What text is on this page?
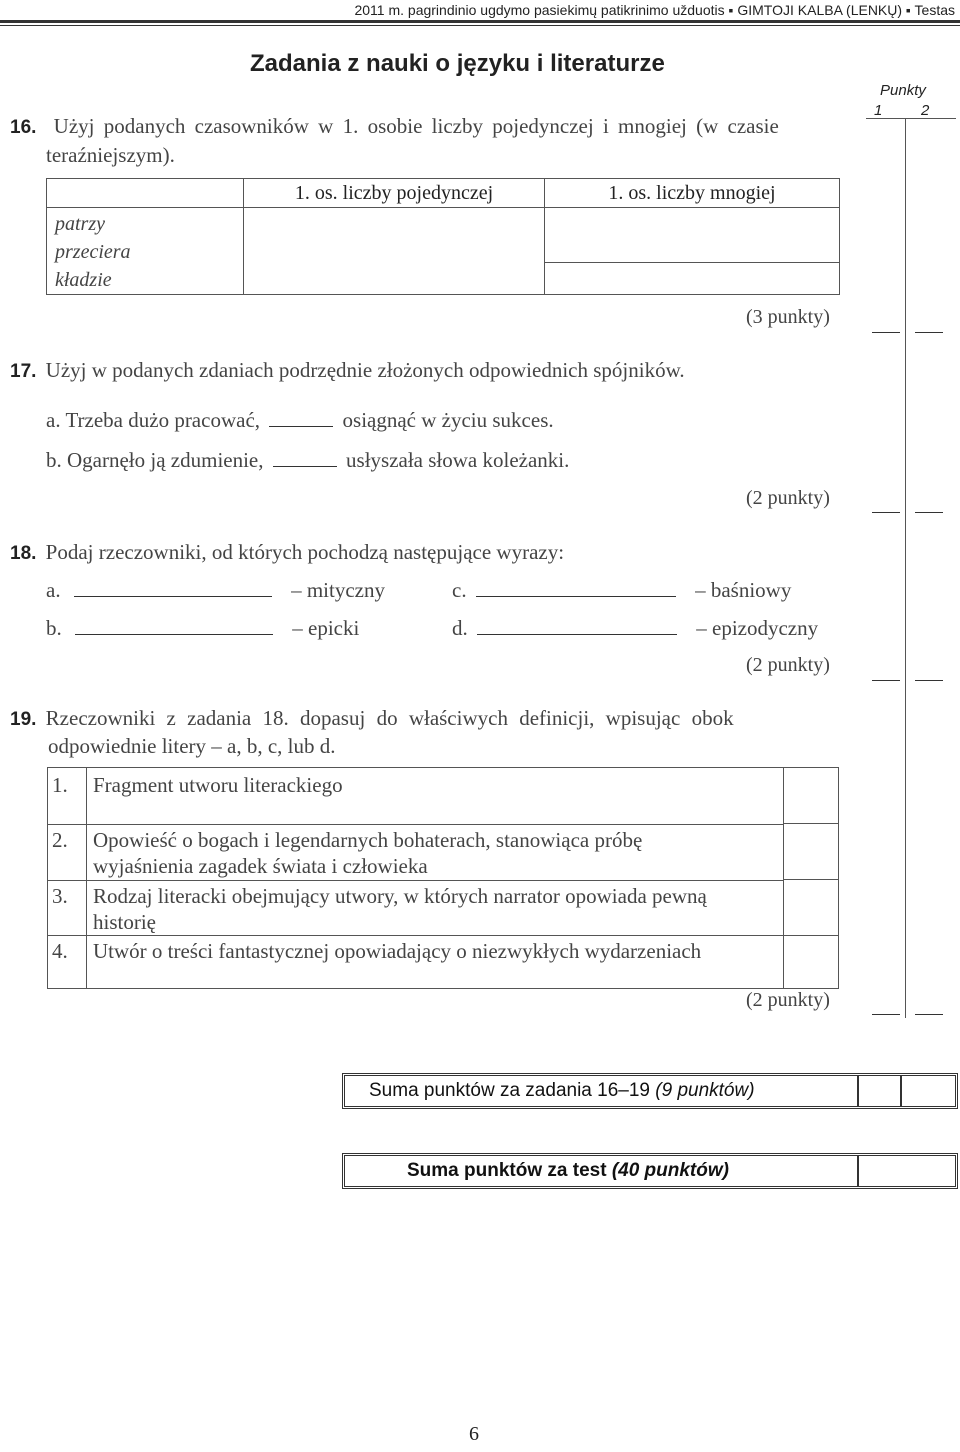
2011 m. pagrindinio ugdymo pasiekimų patikrinimo užduotis ▪ GIMTOJI KALBA (LENKŲ) ▪ Testas
Zadania z nauki o języku i literaturze
Punkty
1	2
16. Użyj podanych czasowników w 1. osobie liczby pojedynczej i mnogiej (w czasie
teraźniejszym).
	1. os. liczby pojedynczej	1. os. liczby mnogiej

patrzy
przeciera
kładzie		

(3 punkty)
17. Użyj w podanych zdaniach podrzędnie złożonych odpowiednich spójników.
a. Trzeba dużo pracować,	osiągnąć w życiu sukces.
b. Ogarnęło ją zdumienie,	usłyszała słowa koleżanki.
(2 punkty)
18. Podaj rzeczowniki, od których pochodzą następujące wyrazy:
a.	– mityczny
b.	– epicki
c.	– baśniowy
d.	– epizodyczny
(2 punkty)
19. Rzeczowniki z zadania 18. dopasuj do właściwych definicji, wpisując obok
odpowiednie litery – a, b, c, lub d.
1.	Fragment utworu literackiego	

2.	Opowieść o bogach i legendarnych bohaterach, stanowiąca próbę
wyjaśnienia zagadek świata i człowieka	

3.	Rodzaj literacki obejmujący utwory, w których narrator opowiada pewną
historię	

4.	Utwór o treści fantastycznej opowiadający o niezwykłych wydarzeniach	
(2 punkty)
Suma punktów za zadania 16–19 (9 punktów)
Suma punktów za test (40 punktów)
6
